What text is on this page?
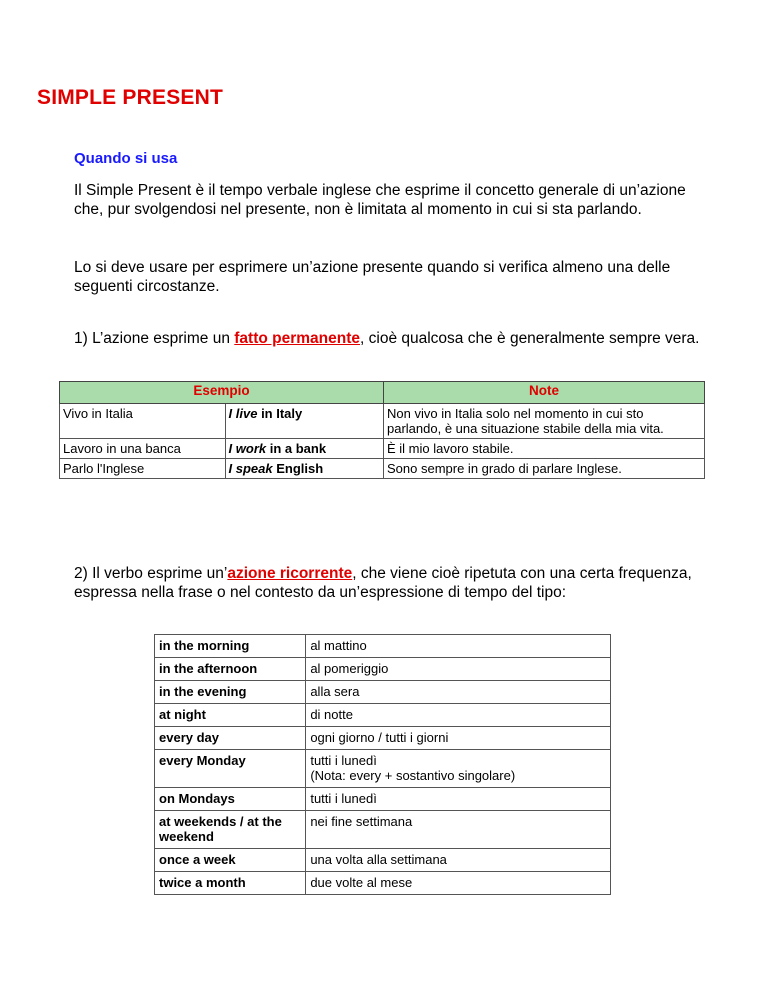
SIMPLE PRESENT
Quando si usa

Il Simple Present è il tempo verbale inglese che esprime il concetto generale di un’azione che, pur svolgendosi nel presente, non è limitata al momento in cui si sta parlando.

Lo si deve usare per esprimere un’azione presente quando si verifica almeno una delle seguenti circostanze.

1) L’azione esprime un fatto permanente, cioè qualcosa che è generalmente sempre vera.

Esempio		Note
Vivo in Italia	I live in Italy	Non vivo in Italia solo nel momento in cui sto parlando, è una situazione stabile della mia vita.
Lavoro in una banca	I work in a bank	È il mio lavoro stabile.
Parlo l'Inglese	I speak English	Sono sempre in grado di parlare Inglese.

2) Il verbo esprime un’azione ricorrente, che viene cioè ripetuta con una certa frequenza, espressa nella frase o nel contesto da un’espressione di tempo del tipo:

in the morning	al mattino

in the afternoon	al pomeriggio

in the evening	alla sera

at night	di notte

every day	ogni giorno / tutti i giorni

every Monday	tutti i lunedì
(Nota: every + sostantivo singolare)

on Mondays	tutti i lunedì

at weekends / at the weekend	nei fine settimana

once a week	una volta alla settimana

twice a month	due volte al mese
